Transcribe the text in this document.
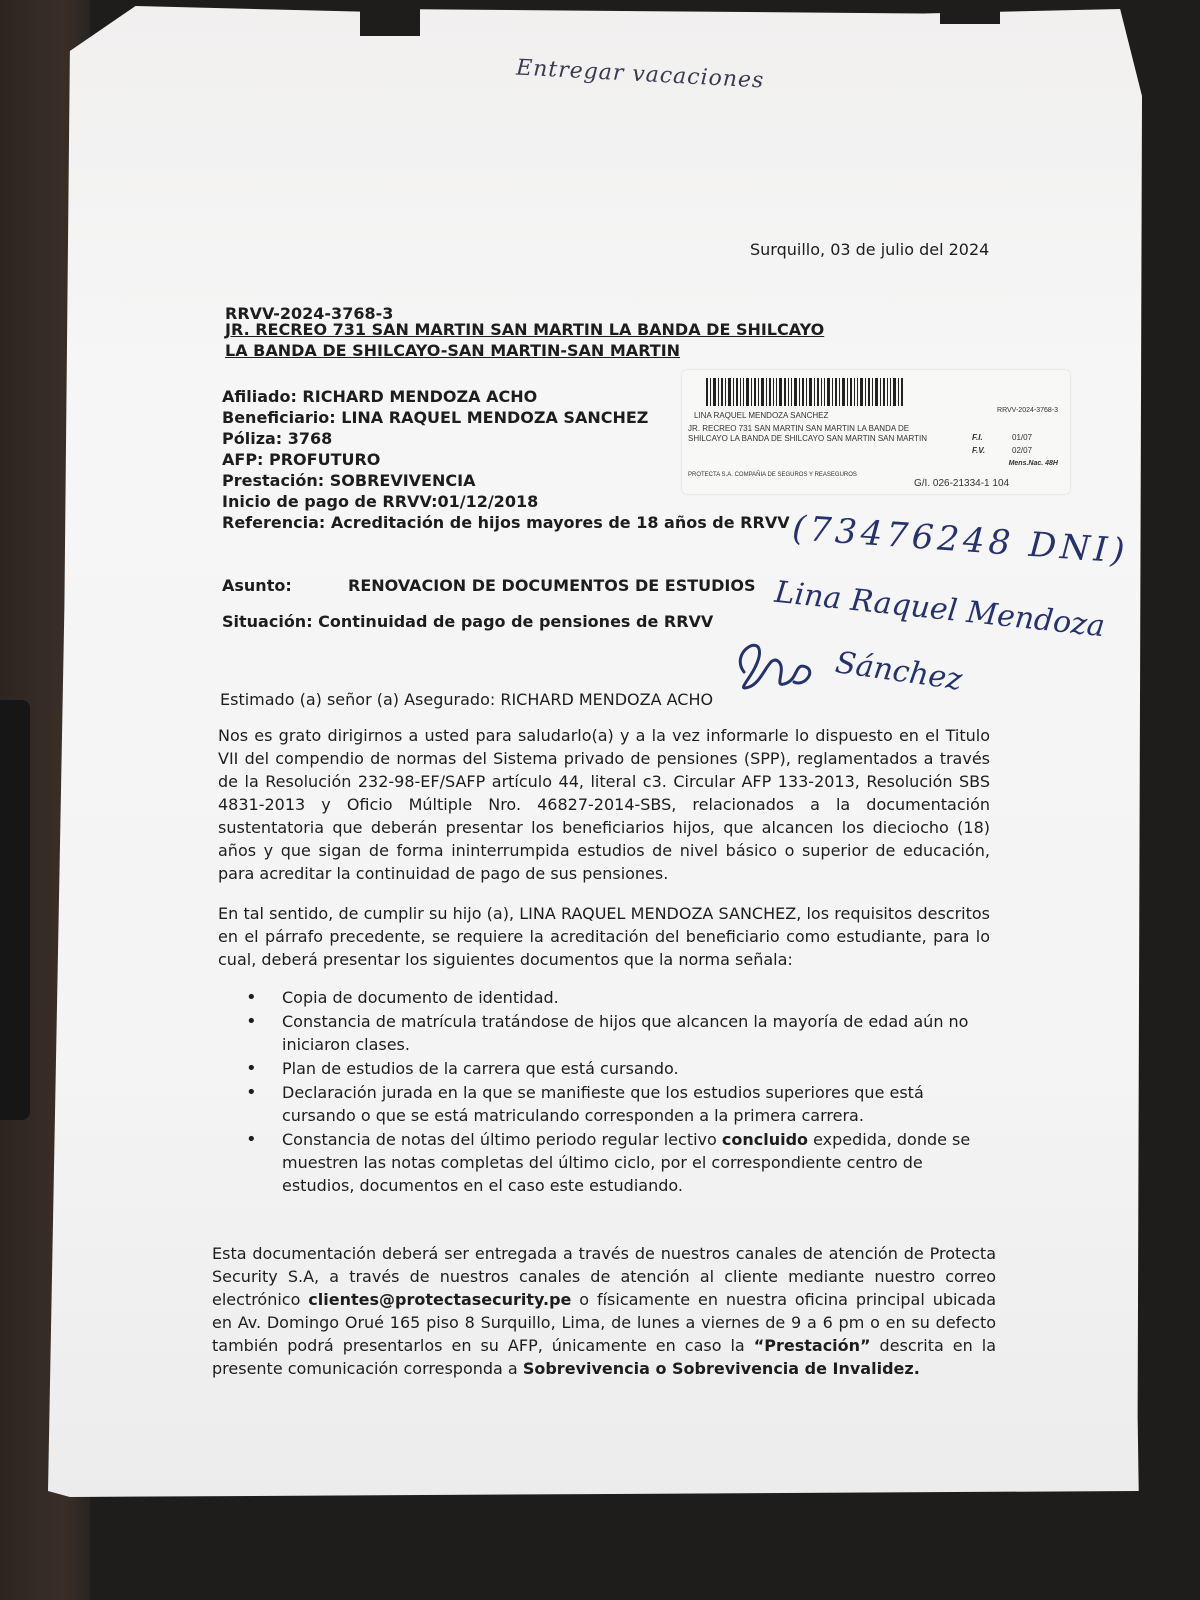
Entregar vacaciones

Surquillo, 03 de julio del 2024

RRVV-2024-3768-3

JR. RECREO 731 SAN MARTIN SAN MARTIN LA BANDA DE SHILCAYO

LA BANDA DE SHILCAYO-SAN MARTIN-SAN MARTIN

Afiliado: RICHARD MENDOZA ACHO
Beneficiario: LINA RAQUEL MENDOZA SANCHEZ
Póliza: 3768
AFP: PROFUTURO
Prestación: SOBREVIVENCIA
Inicio de pago de RRVV:01/12/2018
Referencia: Acreditación de hijos mayores de 18 años de RRVV
LINA RAQUEL MENDOZA SANCHEZ
RRVV-2024-3768-3
JR. RECREO 731 SAN MARTIN SAN MARTIN LA BANDA DE SHILCAYO LA BANDA DE SHILCAYO SAN MARTIN SAN MARTIN	F.I.	01/07
F.V.	02/07
Mens.Nac. 48H
PROTECTA S.A. COMPAÑIA DE SEGUROS Y REASEGUROS
G/I. 026-21334-1 104
(73476248 DNI)

Asunto:	RENOVACION DE DOCUMENTOS DE ESTUDIOS

Situación: Continuidad de pago de pensiones de RRVV Lina Raquel Mendoza
Sánchez

Estimado (a) señor (a) Asegurado: RICHARD MENDOZA ACHO

Nos es grato dirigirnos a usted para saludarlo(a) y a la vez informarle lo dispuesto en el Titulo VII del compendio de normas del Sistema privado de pensiones (SPP), reglamentados a través de la Resolución 232-98-EF/SAFP artículo 44, literal c3. Circular AFP 133-2013, Resolución SBS 4831-2013 y Oficio Múltiple Nro. 46827-2014-SBS, relacionados a la documentación sustentatoria que deberán presentar los beneficiarios hijos, que alcancen los dieciocho (18) años y que sigan de forma ininterrumpida estudios de nivel básico o superior de educación, para acreditar la continuidad de pago de sus pensiones.

En tal sentido, de cumplir su hijo (a), LINA RAQUEL MENDOZA SANCHEZ, los requisitos descritos en el párrafo precedente, se requiere la acreditación del beneficiario como estudiante, para lo cual, deberá presentar los siguientes documentos que la norma señala:

• Copia de documento de identidad.
• Constancia de matrícula tratándose de hijos que alcancen la mayoría de edad aún no iniciaron clases.
• Plan de estudios de la carrera que está cursando.
• Declaración jurada en la que se manifieste que los estudios superiores que está cursando o que se está matriculando corresponden a la primera carrera.
• Constancia de notas del último periodo regular lectivo concluido expedida, donde se muestren las notas completas del último ciclo, por el correspondiente centro de estudios, documentos en el caso este estudiando.

Esta documentación deberá ser entregada a través de nuestros canales de atención de Protecta Security S.A, a través de nuestros canales de atención al cliente mediante nuestro correo electrónico clientes@protectasecurity.pe o físicamente en nuestra oficina principal ubicada en Av. Domingo Orué 165 piso 8 Surquillo, Lima, de lunes a viernes de 9 a 6 pm o en su defecto también podrá presentarlos en su AFP, únicamente en caso la “Prestación” descrita en la presente comunicación corresponda a Sobrevivencia o Sobrevivencia de Invalidez.
